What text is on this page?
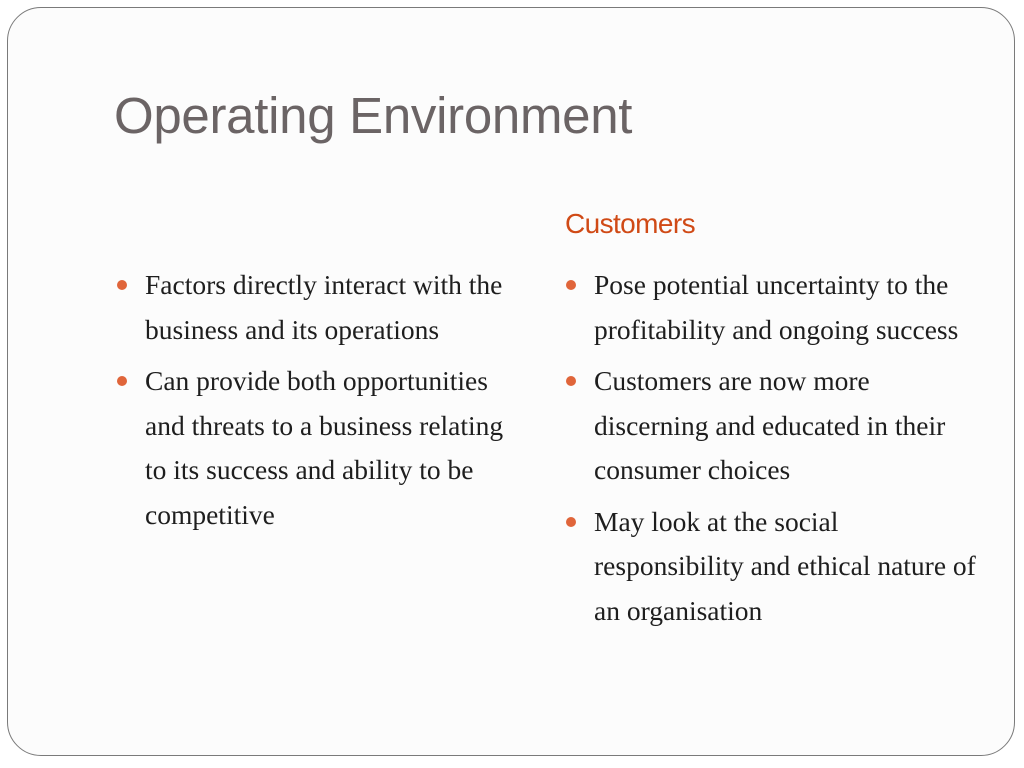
Operating Environment
Customers
Factors directly interact with the business and its operations
Can provide both opportunities and threats to a business relating to its success and ability to be competitive
Pose potential uncertainty to the profitability and ongoing success
Customers are now more discerning and educated in their consumer choices
May look at the social responsibility and ethical nature of an organisation
